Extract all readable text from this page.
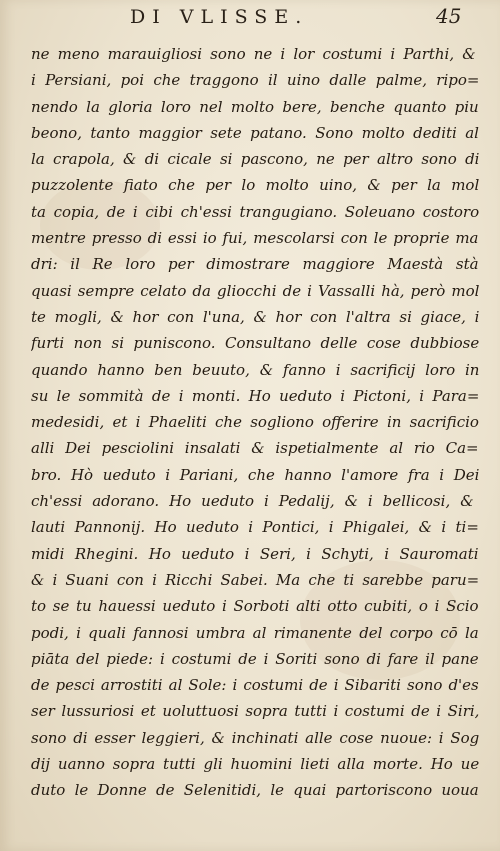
DI VLISSE.	45
ne meno marauigliosi sono ne i lor costumi i Parthi, &
i Persiani, poi che traggono il uino dalle palme, ripo=
nendo la gloria loro nel molto bere, benche quanto piu
beono, tanto maggior sete patano. Sono molto dediti al
la crapola, & di cicale si pascono, ne per altro sono di
puzzolente fiato che per lo molto uino, & per la mol
ta copia, de i cibi ch'essi trangugiano. Soleuano costoro
mentre presso di essi io fui, mescolarsi con le proprie ma
dri: il Re loro per dimostrare maggiore Maestà stà
quasi sempre celato da gliocchi de i Vassalli hà, però mol
te mogli, & hor con l'una, & hor con l'altra si giace, i
furti non si puniscono. Consultano delle cose dubbiose
quando hanno ben beuuto, & fanno i sacrificij loro in
su le sommità de i monti. Ho ueduto i Pictoni, i Para=
medesidi, et i Phaeliti che sogliono offerire in sacrificio
alli Dei pesciolini insalati & ispetialmente al rio Ca=
bro. Hò ueduto i Pariani, che hanno l'amore fra i Dei
ch'essi adorano. Ho ueduto i Pedalij, & i bellicosi, &
lauti Pannonij. Ho ueduto i Pontici, i Phigalei, & i ti=
midi Rhegini. Ho ueduto i Seri, i Schyti, i Sauromati
& i Suani con i Ricchi Sabei. Ma che ti sarebbe paru=
to se tu hauessi ueduto i Sorboti alti otto cubiti, o i Scio
podi, i quali fannosi umbra al rimanente del corpo cō la
piāta del piede: i costumi de i Soriti sono di fare il pane
de pesci arrostiti al Sole: i costumi de i Sibariti sono d'es
ser lussuriosi et uoluttuosi sopra tutti i costumi de i Siri,
sono di esser leggieri, & inchinati alle cose nuoue: i Sog
dij uanno sopra tutti gli huomini lieti alla morte. Ho ue
duto le Donne de Selenitidi, le quai partoriscono uoua
